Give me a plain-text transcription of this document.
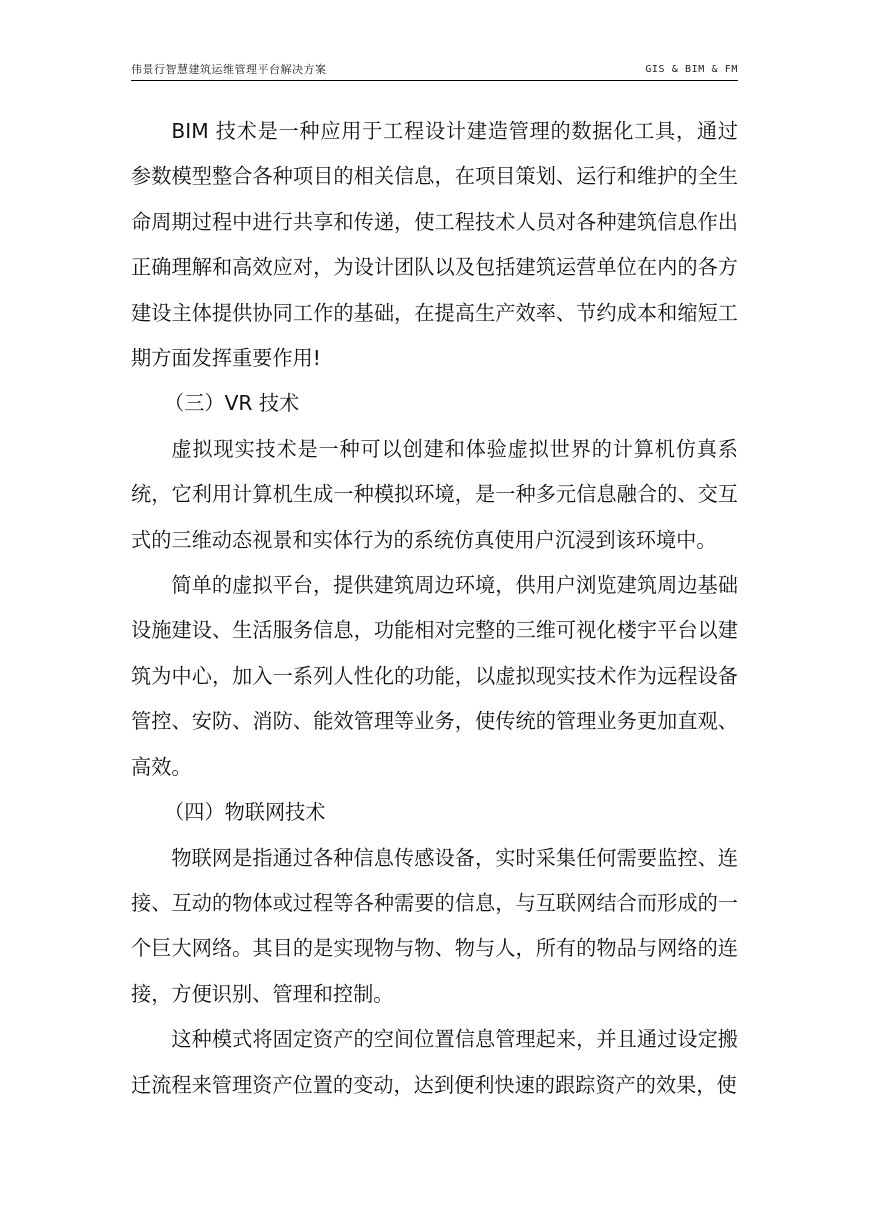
伟景行智慧建筑运维管理平台解决方案	GIS & BIM & FM

BIM 技术是一种应用于工程设计建造管理的数据化工具，通过参数模型整合各种项目的相关信息，在项目策划、运行和维护的全生命周期过程中进行共享和传递，使工程技术人员对各种建筑信息作出正确理解和高效应对，为设计团队以及包括建筑运营单位在内的各方建设主体提供协同工作的基础，在提高生产效率、节约成本和缩短工期方面发挥重要作用!

（三）VR 技术

虚拟现实技术是一种可以创建和体验虚拟世界的计算机仿真系统，它利用计算机生成一种模拟环境，是一种多元信息融合的、交互式的三维动态视景和实体行为的系统仿真使用户沉浸到该环境中。

简单的虚拟平台，提供建筑周边环境，供用户浏览建筑周边基础设施建设、生活服务信息，功能相对完整的三维可视化楼宇平台以建筑为中心，加入一系列人性化的功能，以虚拟现实技术作为远程设备管控、安防、消防、能效管理等业务，使传统的管理业务更加直观、高效。

（四）物联网技术

物联网是指通过各种信息传感设备，实时采集任何需要监控、连接、互动的物体或过程等各种需要的信息，与互联网结合而形成的一个巨大网络。其目的是实现物与物、物与人，所有的物品与网络的连接，方便识别、管理和控制。

这种模式将固定资产的空间位置信息管理起来，并且通过设定搬迁流程来管理资产位置的变动，达到便利快速的跟踪资产的效果，使
